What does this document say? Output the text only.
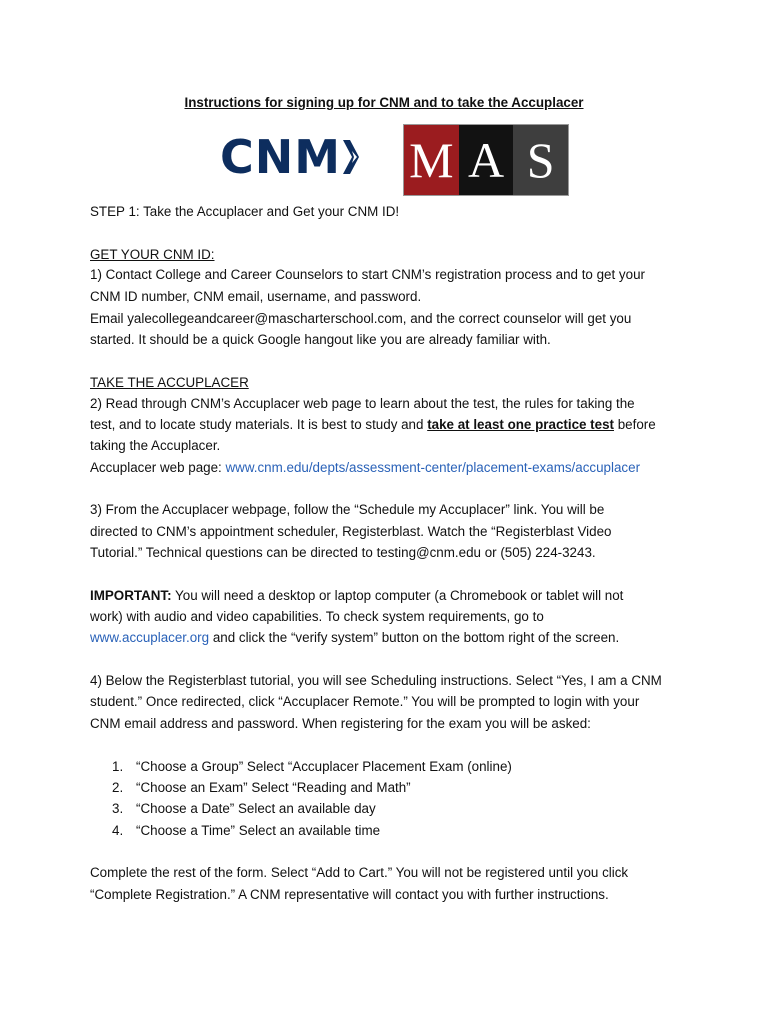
Instructions for signing up for CNM and to take the Accuplacer
CNM M A S
STEP 1: Take the Accuplacer and Get your CNM ID!
GET YOUR CNM ID:
1) Contact College and Career Counselors to start CNM’s registration process and to get your
CNM ID number, CNM email, username, and password.
Email yalecollegeandcareer@mascharterschool.com, and the correct counselor will get you
started. It should be a quick Google hangout like you are already familiar with.
TAKE THE ACCUPLACER
2) Read through CNM’s Accuplacer web page to learn about the test, the rules for taking the
test, and to locate study materials. It is best to study and take at least one practice test before
taking the Accuplacer.
Accuplacer web page: www.cnm.edu/depts/assessment-center/placement-exams/accuplacer
3) From the Accuplacer webpage, follow the “Schedule my Accuplacer” link. You will be
directed to CNM’s appointment scheduler, Registerblast. Watch the “Registerblast Video
Tutorial.” Technical questions can be directed to testing@cnm.edu or (505) 224-3243.
IMPORTANT: You will need a desktop or laptop computer (a Chromebook or tablet will not
work) with audio and video capabilities. To check system requirements, go to
www.accuplacer.org and click the “verify system” button on the bottom right of the screen.
4) Below the Registerblast tutorial, you will see Scheduling instructions. Select “Yes, I am a CNM
student.” Once redirected, click “Accuplacer Remote.” You will be prompted to login with your
CNM email address and password. When registering for the exam you will be asked:
1. “Choose a Group” Select “Accuplacer Placement Exam (online)
2. “Choose an Exam” Select “Reading and Math”
3. “Choose a Date” Select an available day
4. “Choose a Time” Select an available time
Complete the rest of the form. Select “Add to Cart.” You will not be registered until you click
“Complete Registration.” A CNM representative will contact you with further instructions.
